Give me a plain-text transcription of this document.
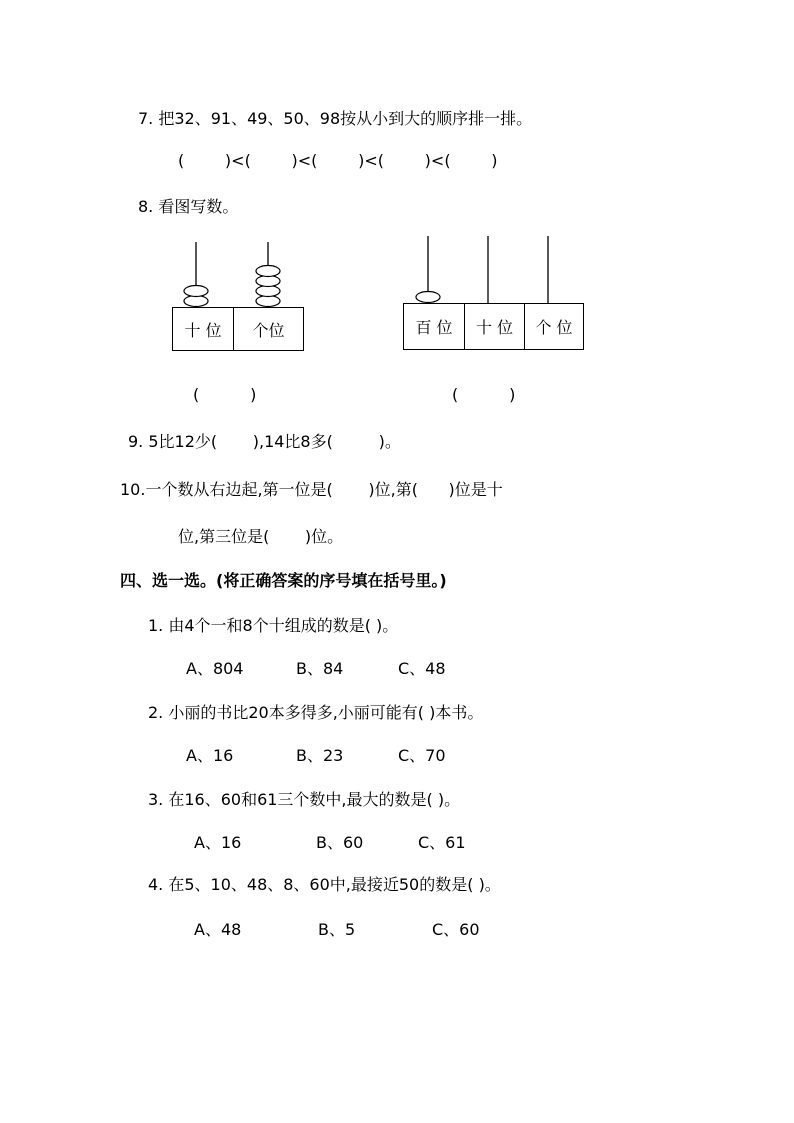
7. 把32、91、49、50、98按从小到大的顺序排一排。
(        )<(        )<(        )<(        )<(        )
8. 看图写数。
十 位	个位	百 位	十 位	个 位
(          )	(          )
9. 5比12少(       ),14比8多(         )。
10.一个数从右边起,第一位是(       )位,第(      )位是十
位,第三位是(       )位。
四、选一选。(将正确答案的序号填在括号里。)
1. 由4个一和8个十组成的数是( )。
A、804	B、84	C、48
2. 小丽的书比20本多得多,小丽可能有( )本书。
A、16	B、23	C、70
3. 在16、60和61三个数中,最大的数是( )。
A、16	B、60	C、61
4. 在5、10、48、8、60中,最接近50的数是( )。
A、48	B、5	C、60
